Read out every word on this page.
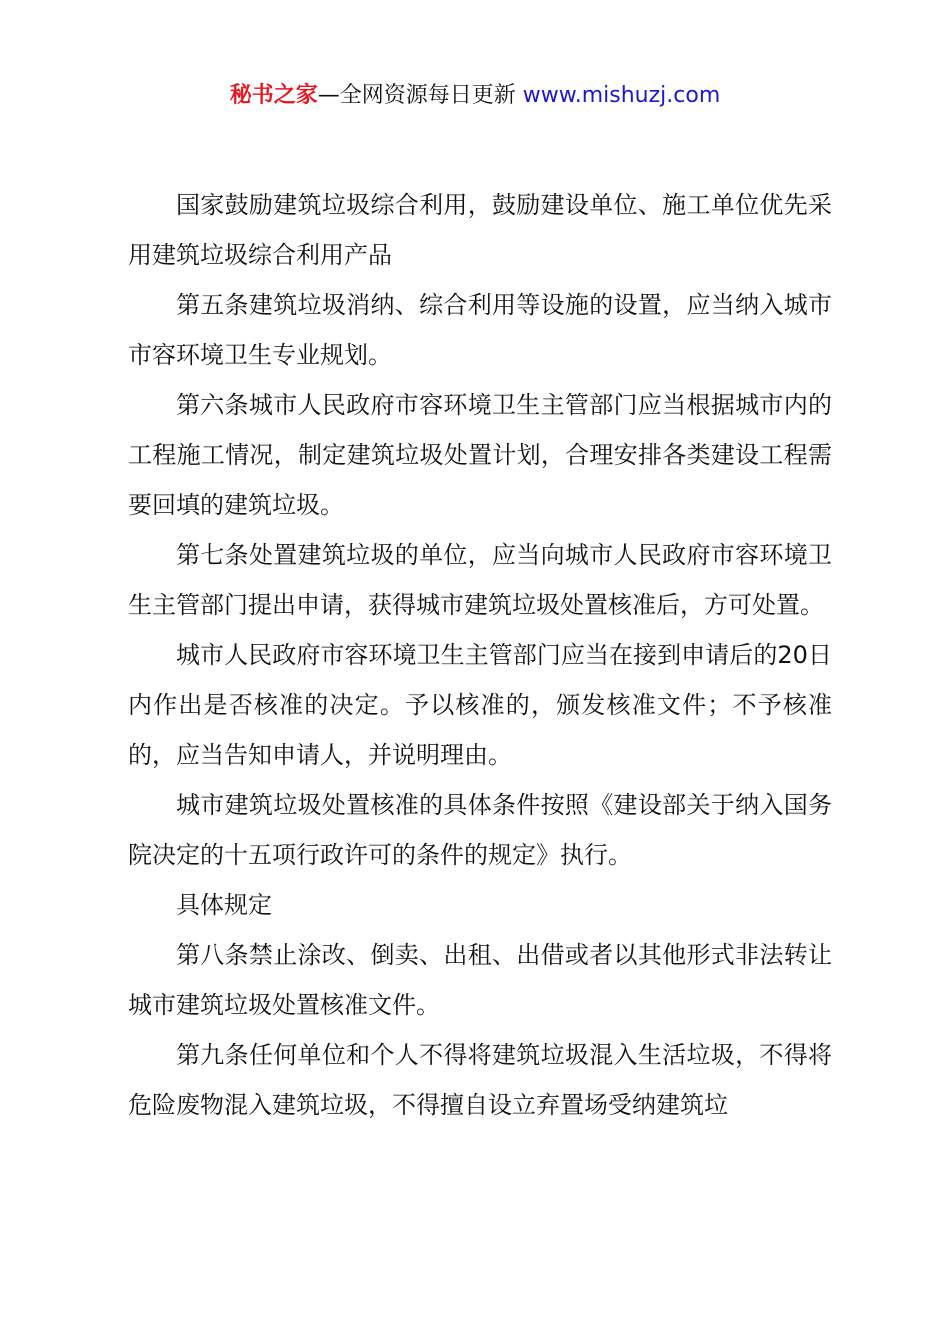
秘书之家—全网资源每日更新 www.mishuzj.com

国家鼓励建筑垃圾综合利用，鼓励建设单位、施工单位优先采用建筑垃圾综合利用产品

第五条建筑垃圾消纳、综合利用等设施的设置，应当纳入城市市容环境卫生专业规划。

第六条城市人民政府市容环境卫生主管部门应当根据城市内的工程施工情况，制定建筑垃圾处置计划，合理安排各类建设工程需要回填的建筑垃圾。

第七条处置建筑垃圾的单位，应当向城市人民政府市容环境卫生主管部门提出申请，获得城市建筑垃圾处置核准后，方可处置。

城市人民政府市容环境卫生主管部门应当在接到申请后的20日内作出是否核准的决定。予以核准的，颁发核准文件；不予核准的，应当告知申请人，并说明理由。

城市建筑垃圾处置核准的具体条件按照《建设部关于纳入国务院决定的十五项行政许可的条件的规定》执行。

具体规定

第八条禁止涂改、倒卖、出租、出借或者以其他形式非法转让城市建筑垃圾处置核准文件。

第九条任何单位和个人不得将建筑垃圾混入生活垃圾，不得将危险废物混入建筑垃圾，不得擅自设立弃置场受纳建筑垃
